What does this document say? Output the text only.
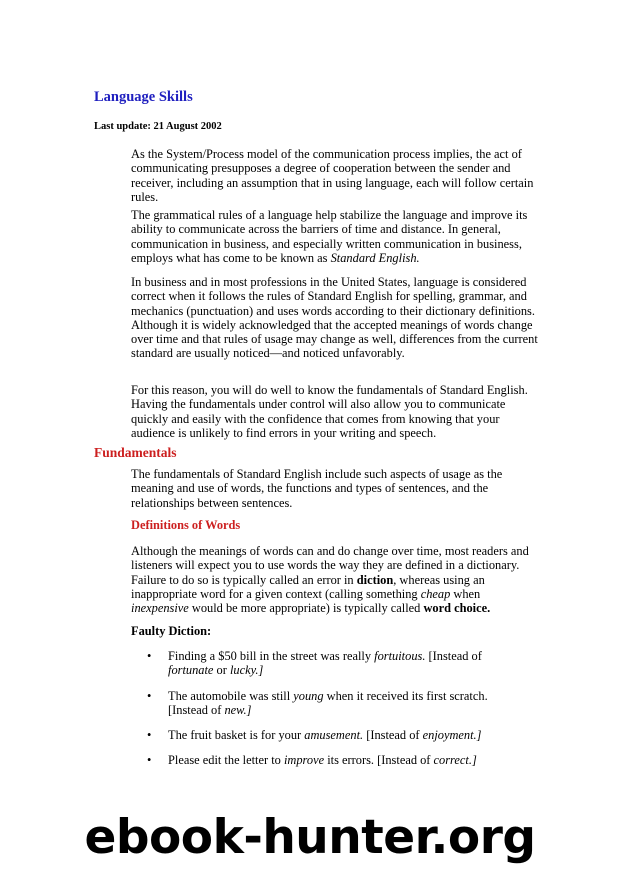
Language Skills

Last update: 21 August 2002

As the System/Process model of the communication process implies, the act of communicating presupposes a degree of cooperation between the sender and receiver, including an assumption that in using language, each will follow certain rules.

The grammatical rules of a language help stabilize the language and improve its ability to communicate across the barriers of time and distance. In general, communication in business, and especially written communication in business, employs what has come to be known as Standard English.

In business and in most professions in the United States, language is considered correct when it follows the rules of Standard English for spelling, grammar, and mechanics (punctuation) and uses words according to their dictionary definitions. Although it is widely acknowledged that the accepted meanings of words change over time and that rules of usage may change as well, differences from the current standard are usually noticed—and noticed unfavorably.

For this reason, you will do well to know the fundamentals of Standard English. Having the fundamentals under control will also allow you to communicate quickly and easily with the confidence that comes from knowing that your audience is unlikely to find errors in your writing and speech.

Fundamentals

The fundamentals of Standard English include such aspects of usage as the meaning and use of words, the functions and types of sentences, and the relationships between sentences.

Definitions of Words

Although the meanings of words can and do change over time, most readers and listeners will expect you to use words the way they are defined in a dictionary. Failure to do so is typically called an error in diction, whereas using an inappropriate word for a given context (calling something cheap when inexpensive would be more appropriate) is typically called word choice.

Faulty Diction:

• Finding a $50 bill in the street was really fortuitous. [Instead of fortunate or lucky.]
• The automobile was still young when it received its first scratch. [Instead of new.]
• The fruit basket is for your amusement. [Instead of enjoyment.]
• Please edit the letter to improve its errors. [Instead of correct.]
ebook-hunter.org
